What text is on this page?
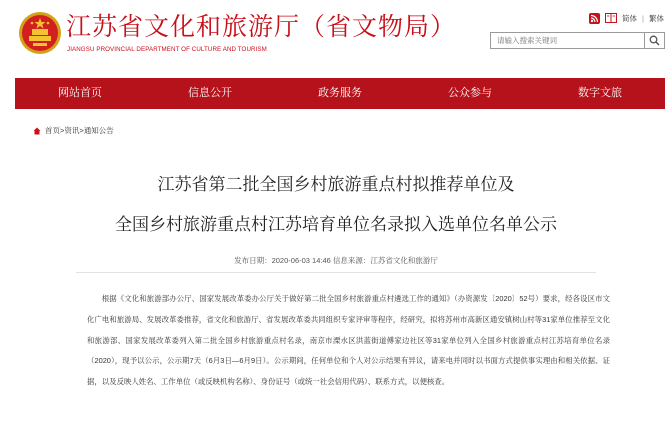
江苏省文化和旅游厅（省文物局）
JIANGSU PROVINCIAL DEPARTMENT OF CULTURE AND TOURISM
简体 | 繁体
请输入搜索关键词
网站首页	信息公开	政务服务	公众参与	数字文旅
首页>资讯>通知公告
江苏省第二批全国乡村旅游重点村拟推荐单位及
全国乡村旅游重点村江苏培育单位名录拟入选单位名单公示
发布日期：2020-06-03 14:46 信息来源：江苏省文化和旅游厅
根据《文化和旅游部办公厅、国家发展改革委办公厅关于做好第二批全国乡村旅游重点村遴选工作的通知》（办资源发〔2020〕52号）要求，经各设区市文化广电和旅游局、发展改革委推荐，省文化和旅游厅、省发展改革委共同组织专家评审等程序，经研究，拟将苏州市高新区通安镇树山村等31家单位推荐至文化和旅游部、国家发展改革委列入第二批全国乡村旅游重点村名录，南京市溧水区洪蓝街道傅家边社区等31家单位列入全国乡村旅游重点村江苏培育单位名录（2020），现予以公示，公示期7天（6月3日—6月9日）。公示期间，任何单位和个人对公示结果有异议，请来电并同时以书面方式提供事实理由和相关依据、证据，以及反映人姓名、工作单位（或反映机构名称）、身份证号（或统一社会信用代码）、联系方式，以便核查。
